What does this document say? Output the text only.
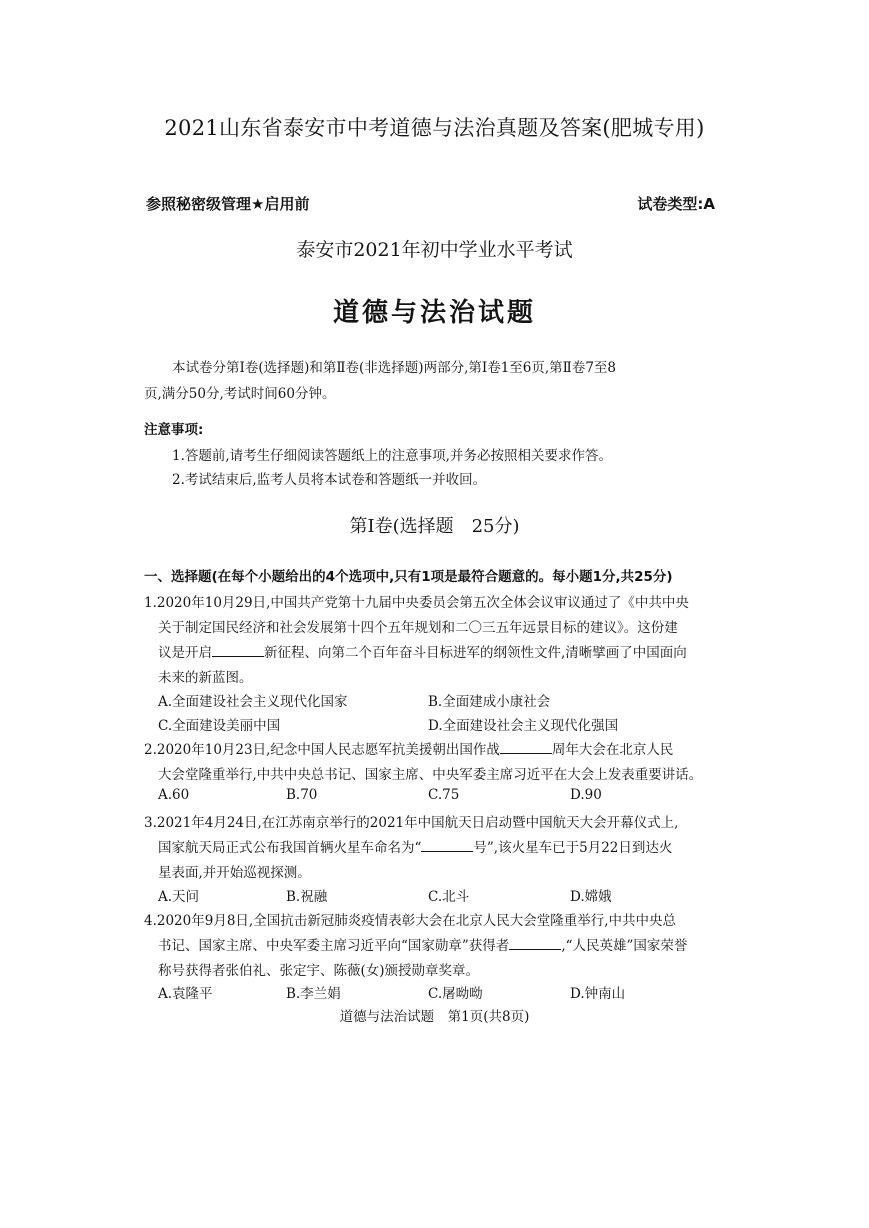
2021山东省泰安市中考道德与法治真题及答案(肥城专用)
参照秘密级管理★启用前	试卷类型:A
泰安市2021年初中学业水平考试
道德与法治试题
本试卷分第Ⅰ卷(选择题)和第Ⅱ卷(非选择题)两部分,第Ⅰ卷1至6页,第Ⅱ卷7至8
页,满分50分,考试时间60分钟。
注意事项:
1.答题前,请考生仔细阅读答题纸上的注意事项,并务必按照相关要求作答。
2.考试结束后,监考人员将本试卷和答题纸一并收回。
第Ⅰ卷(选择题　25分)
一、选择题(在每个小题给出的4个选项中,只有1项是最符合题意的。每小题1分,共25分)
1.2020年10月29日,中国共产党第十九届中央委员会第五次全体会议审议通过了《中共中央
关于制定国民经济和社会发展第十四个五年规划和二〇三五年远景目标的建议》。这份建
议是开启	新征程、向第二个百年奋斗目标进军的纲领性文件,清晰擘画了中国面向
未来的新蓝图。
A.全面建设社会主义现代化国家	B.全面建成小康社会
C.全面建设美丽中国	D.全面建设社会主义现代化强国
2.2020年10月23日,纪念中国人民志愿军抗美援朝出国作战	周年大会在北京人民
大会堂隆重举行,中共中央总书记、国家主席、中央军委主席习近平在大会上发表重要讲话。
A.60	B.70	C.75	D.90
3.2021年4月24日,在江苏南京举行的2021年中国航天日启动暨中国航天大会开幕仪式上,
国家航天局正式公布我国首辆火星车命名为“	号”,该火星车已于5月22日到达火
星表面,并开始巡视探测。
A.天问	B.祝融	C.北斗	D.嫦娥
4.2020年9月8日,全国抗击新冠肺炎疫情表彰大会在北京人民大会堂隆重举行,中共中央总
书记、国家主席、中央军委主席习近平向“国家勋章”获得者	,“人民英雄”国家荣誉
称号获得者张伯礼、张定宇、陈薇(女)颁授勋章奖章。
A.袁隆平	B.李兰娟	C.屠呦呦	D.钟南山
道德与法治试题　第1页(共8页)
